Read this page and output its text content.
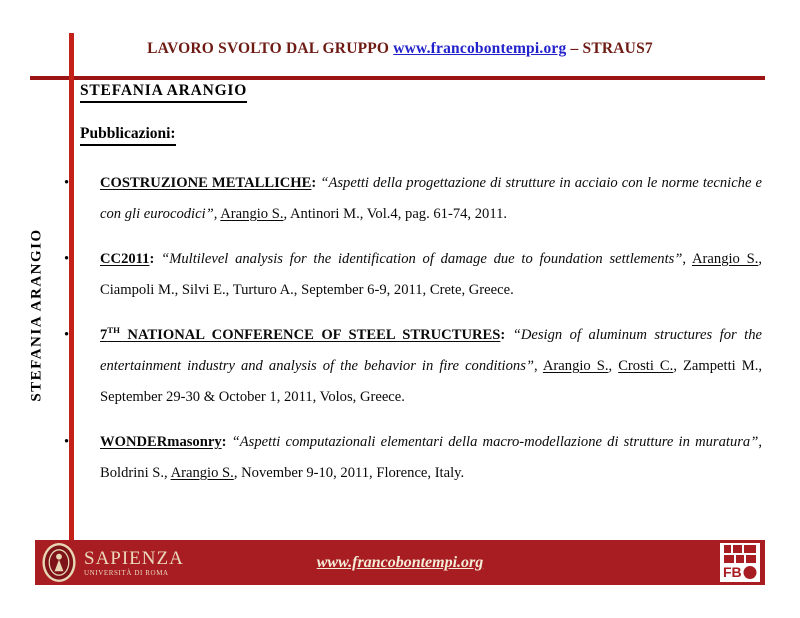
LAVORO SVOLTO DAL GRUPPO www.francobontempi.org – STRAUS7
STEFANIA ARANGIO
STEFANIA ARANGIO
Pubblicazioni:
• COSTRUZIONE METALLICHE: “Aspetti della progettazione di strutture in acciaio con le norme tecniche e con gli eurocodici”, Arangio S., Antinori M., Vol.4, pag. 61-74, 2011.

• CC2011: “Multilevel analysis for the identification of damage due to foundation settlements”, Arangio S., Ciampoli M., Silvi E., Turturo A., September 6-9, 2011, Crete, Greece.

• 7TH NATIONAL CONFERENCE OF STEEL STRUCTURES: “Design of aluminum structures for the entertainment industry and analysis of the behavior in fire conditions”, Arangio S., Crosti C., Zampetti M., September 29-30 & October 1, 2011, Volos, Greece.

• WONDERmasonry: “Aspetti computazionali elementari della macro-modellazione di strutture in muratura”, Boldrini S., Arangio S., November 9-10, 2011, Florence, Italy.

SAPIENZA
UNIVERSITÀ DI ROMA
www.francobontempi.org
FB
